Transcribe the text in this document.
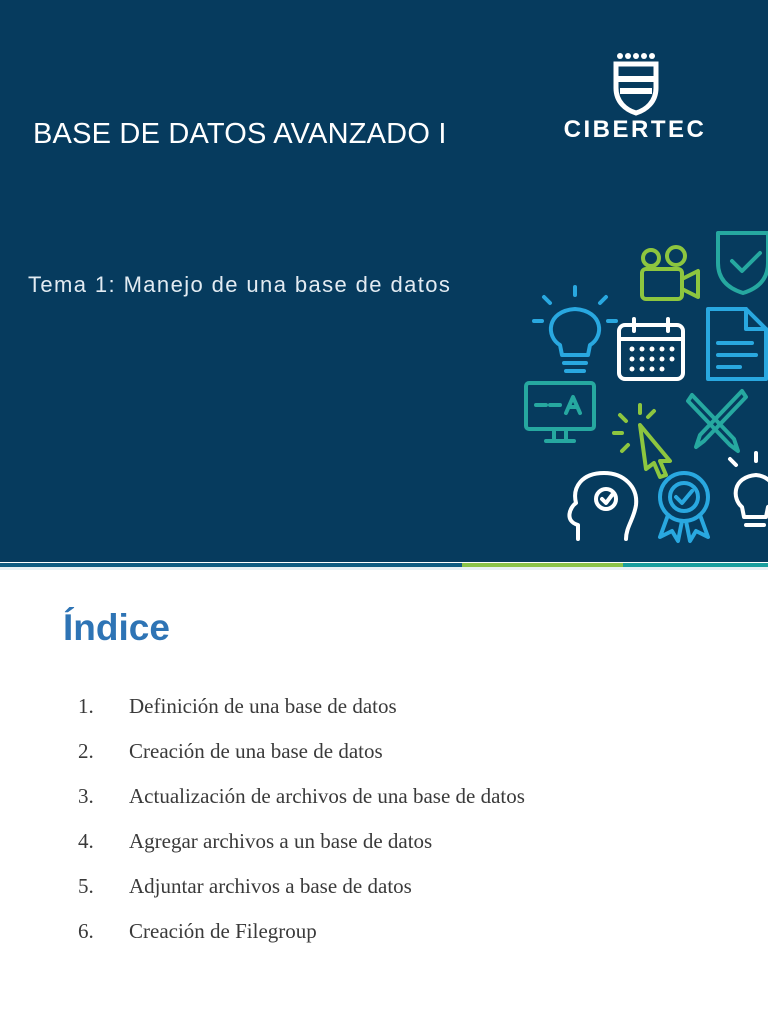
BASE DE DATOS AVANZADO I

Tema 1: Manejo de una base de datos

CIBERTEC
Índice
1.	Definición de una base de datos
2.	Creación de una base de datos
3.	Actualización de archivos de una base de datos
4.	Agregar archivos a un base de datos
5.	Adjuntar archivos a base de datos
6.	Creación de Filegroup
